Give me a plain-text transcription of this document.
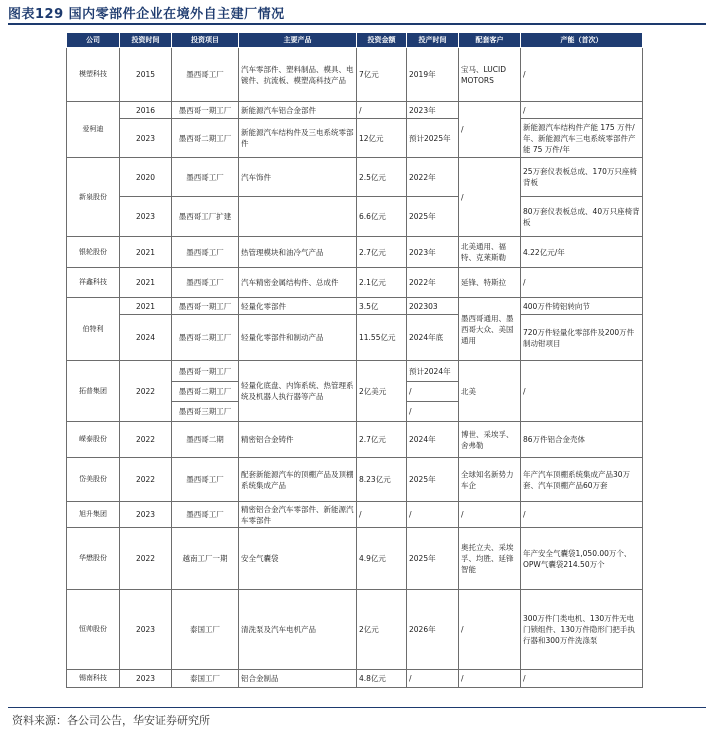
图表129 国内零部件企业在境外自主建厂情况
公司	投资时间	投资项目	主要产品	投资金额	投产时间	配套客户	产能（首次）
模塑科技	2015	墨西哥工厂	汽车零部件、塑料制品、模具、电镀件、抗流板、模塑高科技产品	7亿元	2019年	宝马、LUCID MOTORS	/
爱柯迪	2016	墨西哥一期工厂	新能源汽车铝合金部件	/	2023年	/	/
	2023	墨西哥二期工厂	新能源汽车结构件及三电系统零部件	12亿元	预计2025年		新能源汽车结构件产能 175 万件/年、新能源汽车三电系统零部件产能 75 万件/年
新泉股份	2020	墨西哥工厂	汽车饰件	2.5亿元	2022年	/	25万套仪表板总成、170万只座椅背板
	2023	墨西哥工厂扩建		6.6亿元	2025年		80万套仪表板总成、40万只座椅背板
银轮股份	2021	墨西哥工厂	热管理模块和油冷气产品	2.7亿元	2023年	北美通用、福特、克莱斯勒	4.22亿元/年
祥鑫科技	2021	墨西哥工厂	汽车精密金属结构件、总成件	2.1亿元	2022年	延锋、特斯拉	/
伯特利	2021	墨西哥一期工厂	轻量化零部件	3.5亿	202303	墨西哥通用、墨西哥大众、美国通用	400万件铸铝转向节
	2024	墨西哥二期工厂	轻量化零部件和制动产品	11.55亿元	2024年底		720万件轻量化零部件及200万件制动钳项目
拓普集团	2022	墨西哥一期工厂	轻量化底盘、内饰系统、热管理系统及机器人执行器等产品	2亿美元	预计2024年	北美	/
		墨西哥二期工厂			/		
		墨西哥三期工厂			/		
嵘泰股份	2022	墨西哥二期	精密铝合金铸件	2.7亿元	2024年	博世、采埃孚、舍弗勒	86万件铝合金壳体
岱美股份	2022	墨西哥工厂	配套新能源汽车的顶棚产品及顶棚系统集成产品	8.23亿元	2025年	全球知名新势力车企	年产汽车顶棚系统集成产品30万套、汽车顶棚产品60万套
旭升集团	2023	墨西哥工厂	精密铝合金汽车零部件、新能源汽车零部件	/	/	/	/
华懋股份	2022	越南工厂一期	安全气囊袋	4.9亿元	2025年	奥托立夫、采埃孚、均胜、延锋智能	年产安全气囊袋1,050.00万个、OPW气囊袋214.50万个
恒帅股份	2023	泰国工厂	清洗泵及汽车电机产品	2亿元	2026年	/	300万件门类电机、130万件无电门锁组件、130万件隐形门把手执行器和300万件洗涤泵
锡南科技	2023	泰国工厂	铝合金制品	4.8亿元	/	/	/
资料来源：各公司公告，华安证券研究所
